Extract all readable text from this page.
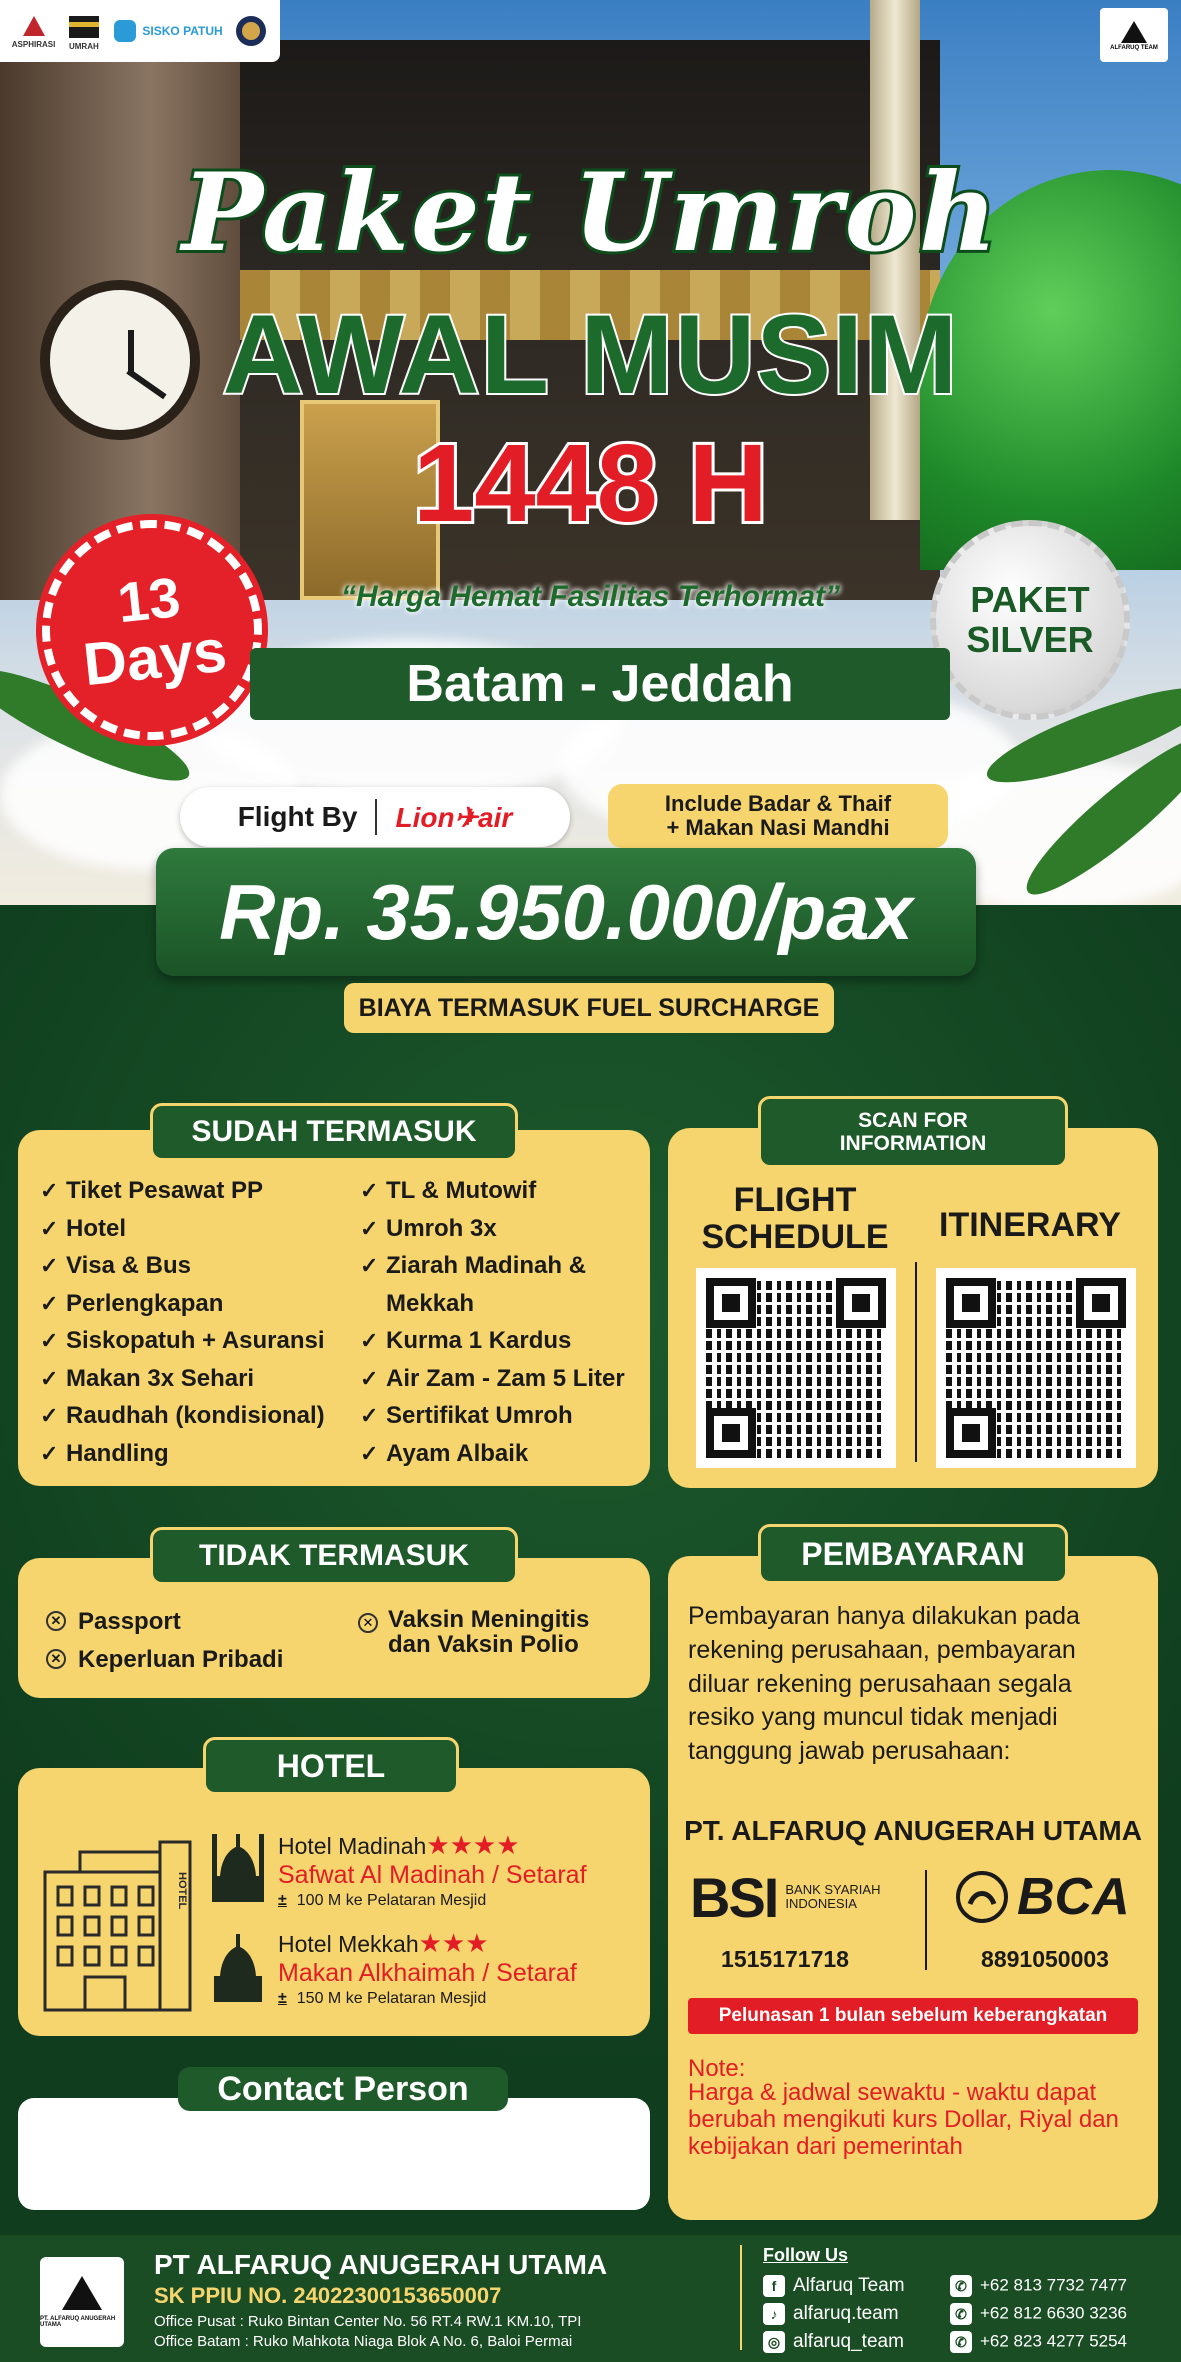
ASPHIRASI UMRAH
SISKO PATUH
ALFARUQ TEAM
Paket Umroh
AWAL MUSIM
1448 H
“Harga Hemat Fasilitas Terhormat”
13
Days
PAKET
SILVER
Batam - Jeddah
Flight By Lion✈air	Include Badar & Thaif
+ Makan Nasi Mandhi
Rp. 35.950.000/pax
BIAYA TERMASUK FUEL SURCHARGE
SUDAH TERMASUK
✓ Tiket Pesawat PP
✓ Hotel
✓ Visa & Bus
✓ Perlengkapan
✓ Siskopatuh + Asuransi
✓ Makan 3x Sehari
✓ Raudhah (kondisional)
✓ Handling
✓ TL & Mutowif
✓ Umroh 3x
✓ Ziarah Madinah &
Mekkah
✓ Kurma 1 Kardus
✓ Air Zam - Zam 5 Liter
✓ Sertifikat Umroh
✓ Ayam Albaik
SCAN FOR
INFORMATION
FLIGHT
SCHEDULE	ITINERARY
TIDAK TERMASUK
✕ Passport
✕ Keperluan Pribadi
✕ Vaksin Meningitis
dan Vaksin Polio
HOTEL
HOTEL
Hotel Madinah★★★★
Safwat Al Madinah / Setaraf
± 100 M ke Pelataran Mesjid
Hotel Mekkah★★★
Makan Alkhaimah / Setaraf
± 150 M ke Pelataran Mesjid
PEMBAYARAN
Pembayaran hanya dilakukan pada rekening perusahaan, pembayaran diluar rekening perusahaan segala resiko yang muncul tidak menjadi tanggung jawab perusahaan:
PT. ALFARUQ ANUGERAH UTAMA
BSI BANK SYARIAH INDONESIA
1515171718
BCA
8891050003
Pelunasan 1 bulan sebelum keberangkatan
Note:
Harga & jadwal sewaktu - waktu dapat berubah mengikuti kurs Dollar, Riyal dan kebijakan dari pemerintah
Contact Person
PT. ALFARUQ ANUGERAH UTAMA
PT ALFARUQ ANUGERAH UTAMA
SK PPIU NO. 24022300153650007
Office Pusat : Ruko Bintan Center No. 56 RT.4 RW.1 KM.10, TPI
Office Batam : Ruko Mahkota Niaga Blok A No. 6, Baloi Permai
Follow Us
f Alfaruq Team
♪ alfaruq.team
◎ alfaruq_team
✆ +62 813 7732 7477
✆ +62 812 6630 3236
✆ +62 823 4277 5254
